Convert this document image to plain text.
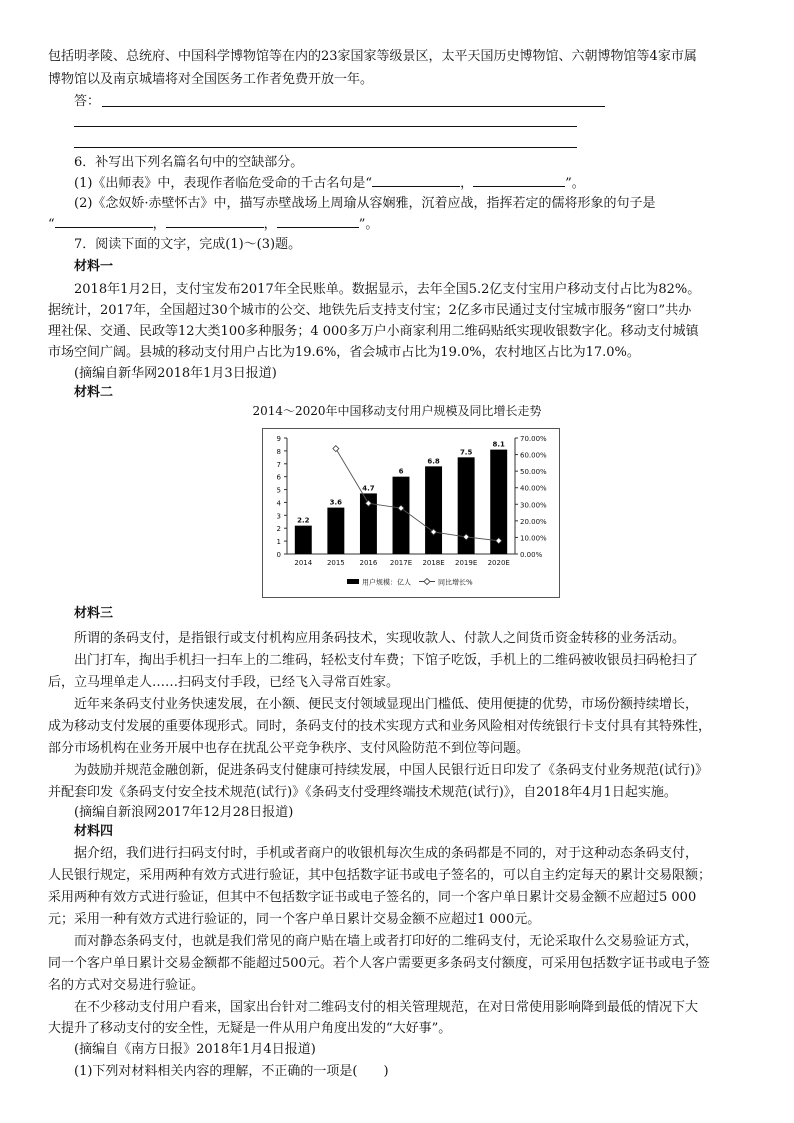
包括明孝陵、总统府、中国科学博物馆等在内的23家国家等级景区，太平天国历史博物馆、六朝博物馆等4家市属
博物馆以及南京城墙将对全国医务工作者免费开放一年。
答：
6．补写出下列名篇名句中的空缺部分。
(1)《出师表》中，表现作者临危受命的千古名句是“	，	”。
(2)《念奴娇·赤壁怀古》中，描写赤壁战场上周瑜从容娴雅，沉着应战，指挥若定的儒将形象的句子是
“	，	，	”。
7．阅读下面的文字，完成(1)～(3)题。
材料一
2018年1月2日，支付宝发布2017年全民账单。数据显示，去年全国5.2亿支付宝用户移动支付占比为82%。
据统计，2017年，全国超过30个城市的公交、地铁先后支持支付宝；2亿多市民通过支付宝城市服务“窗口”共办
理社保、交通、民政等12大类100多种服务；4 000多万户小商家利用二维码贴纸实现收银数字化。移动支付城镇
市场空间广阔。县城的移动支付用户占比为19.6%，省会城市占比为19.0%，农村地区占比为17.0%。
(摘编自新华网2018年1月3日报道)
材料二
2014～2020年中国移动支付用户规模及同比增长走势
0
1
2
3
4
5
6
7
8
9
0.00%
10.00%
20.00%
30.00%
40.00%
50.00%
60.00%
70.00%
2.2
2014
3.6
2015
4.7
2016
6
2017E
6.8
2018E
7.5
2019E
8.1
2020E
用户规模：亿人	同比增长%
材料三
所谓的条码支付，是指银行或支付机构应用条码技术，实现收款人、付款人之间货币资金转移的业务活动。
出门打车，掏出手机扫一扫车上的二维码，轻松支付车费；下馆子吃饭，手机上的二维码被收银员扫码枪扫了
后，立马埋单走人……扫码支付手段，已经飞入寻常百姓家。
近年来条码支付业务快速发展，在小额、便民支付领域显现出门槛低、使用便捷的优势，市场份额持续增长，
成为移动支付发展的重要体现形式。同时，条码支付的技术实现方式和业务风险相对传统银行卡支付具有其特殊性，
部分市场机构在业务开展中也存在扰乱公平竞争秩序、支付风险防范不到位等问题。
为鼓励并规范金融创新，促进条码支付健康可持续发展，中国人民银行近日印发了《条码支付业务规范(试行)》
并配套印发《条码支付安全技术规范(试行)》《条码支付受理终端技术规范(试行)》，自2018年4月1日起实施。
(摘编自新浪网2017年12月28日报道)
材料四
据介绍，我们进行扫码支付时，手机或者商户的收银机每次生成的条码都是不同的，对于这种动态条码支付，
人民银行规定，采用两种有效方式进行验证，其中包括数字证书或电子签名的，可以自主约定每天的累计交易限额；
采用两种有效方式进行验证，但其中不包括数字证书或电子签名的，同一个客户单日累计交易金额不应超过5 000
元；采用一种有效方式进行验证的，同一个客户单日累计交易金额不应超过1 000元。
而对静态条码支付，也就是我们常见的商户贴在墙上或者打印好的二维码支付，无论采取什么交易验证方式，
同一个客户单日累计交易金额都不能超过500元。若个人客户需要更多条码支付额度，可采用包括数字证书或电子签
名的方式对交易进行验证。
在不少移动支付用户看来，国家出台针对二维码支付的相关管理规范，在对日常使用影响降到最低的情况下大
大提升了移动支付的安全性，无疑是一件从用户角度出发的“大好事”。
(摘编自《南方日报》2018年1月4日报道)
(1)下列对材料相关内容的理解，不正确的一项是(　　)
